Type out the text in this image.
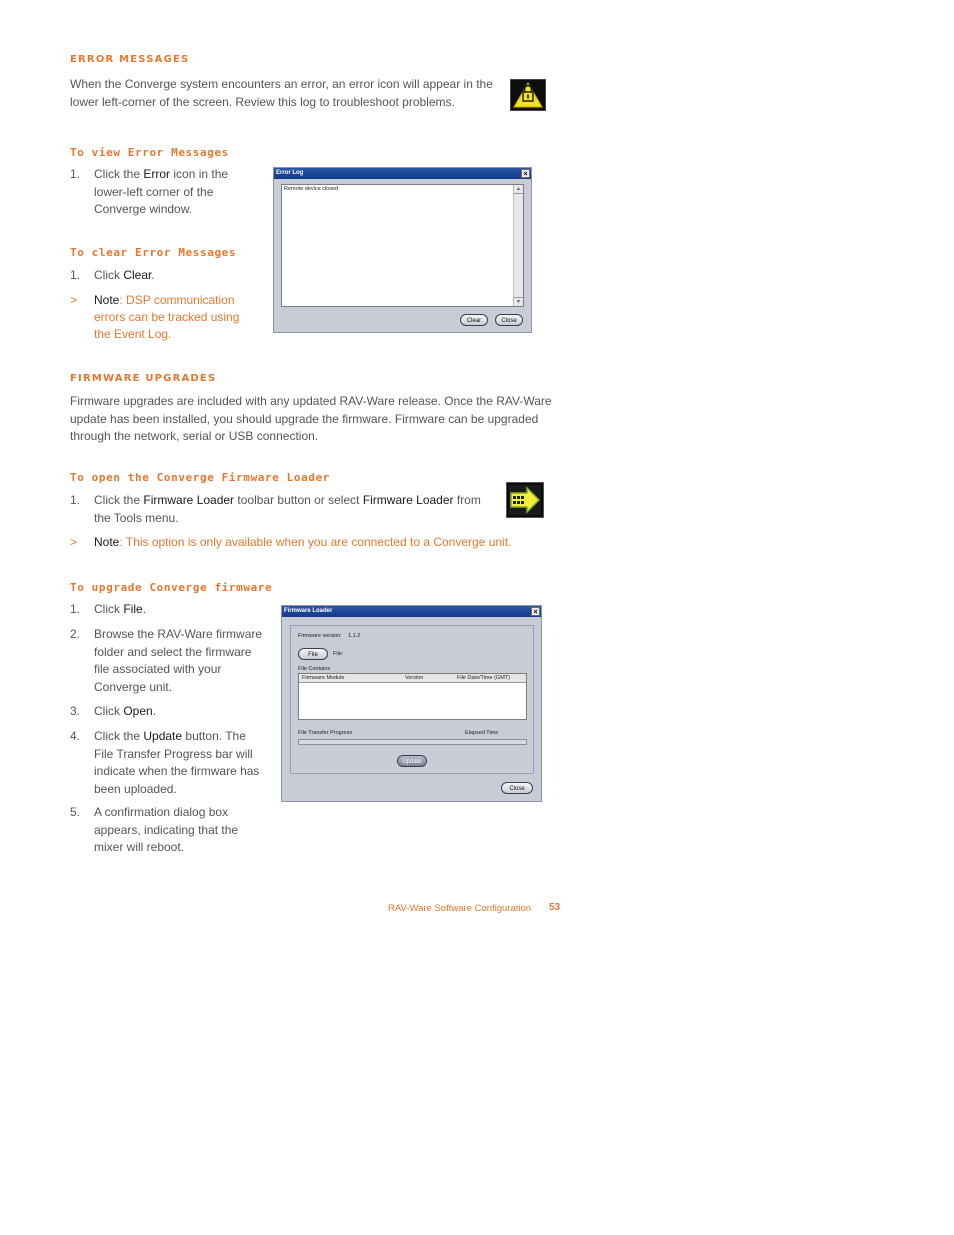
ERROR MESSAGES

When the Converge system encounters an error, an error icon will appear in the lower left-corner of the screen. Review this log to troubleshoot problems.

To view Error Messages
1.	Click the Error icon in the lower-left corner of the Converge window.
To clear Error Messages
1.	Click Clear.
>	Note: DSP communication errors can be tracked using the Event Log.
Error Log	×
Remote device closed	▲
▼
Clear	Close
FIRMWARE UPGRADES

Firmware upgrades are included with any updated RAV-Ware release. Once the RAV-Ware update has been installed, you should upgrade the firmware. Firmware can be upgraded through the network, serial or USB connection.

To open the Converge Firmware Loader
1.	Click the Firmware Loader toolbar button or select Firmware Loader from the Tools menu.
>	Note: This option is only available when you are connected to a Converge unit.
To upgrade Converge firmware
1.	Click File.
2.	Browse the RAV-Ware firmware folder and select the firmware file associated with your Converge unit.
3.	Click Open.
4.	Click the Update button. The File Transfer Progress bar will indicate when the firmware has been uploaded.
5.	A confirmation dialog box appears, indicating that the mixer will reboot.
Firmware Loader	×
Firmware version: 1.1.2
File	File:
File Contains
Firmware Module	Version	File Date/Time (GMT)
File Transfer Progress	Elapsed Time
Update
Close
RAV-Ware Software Configuration 53
